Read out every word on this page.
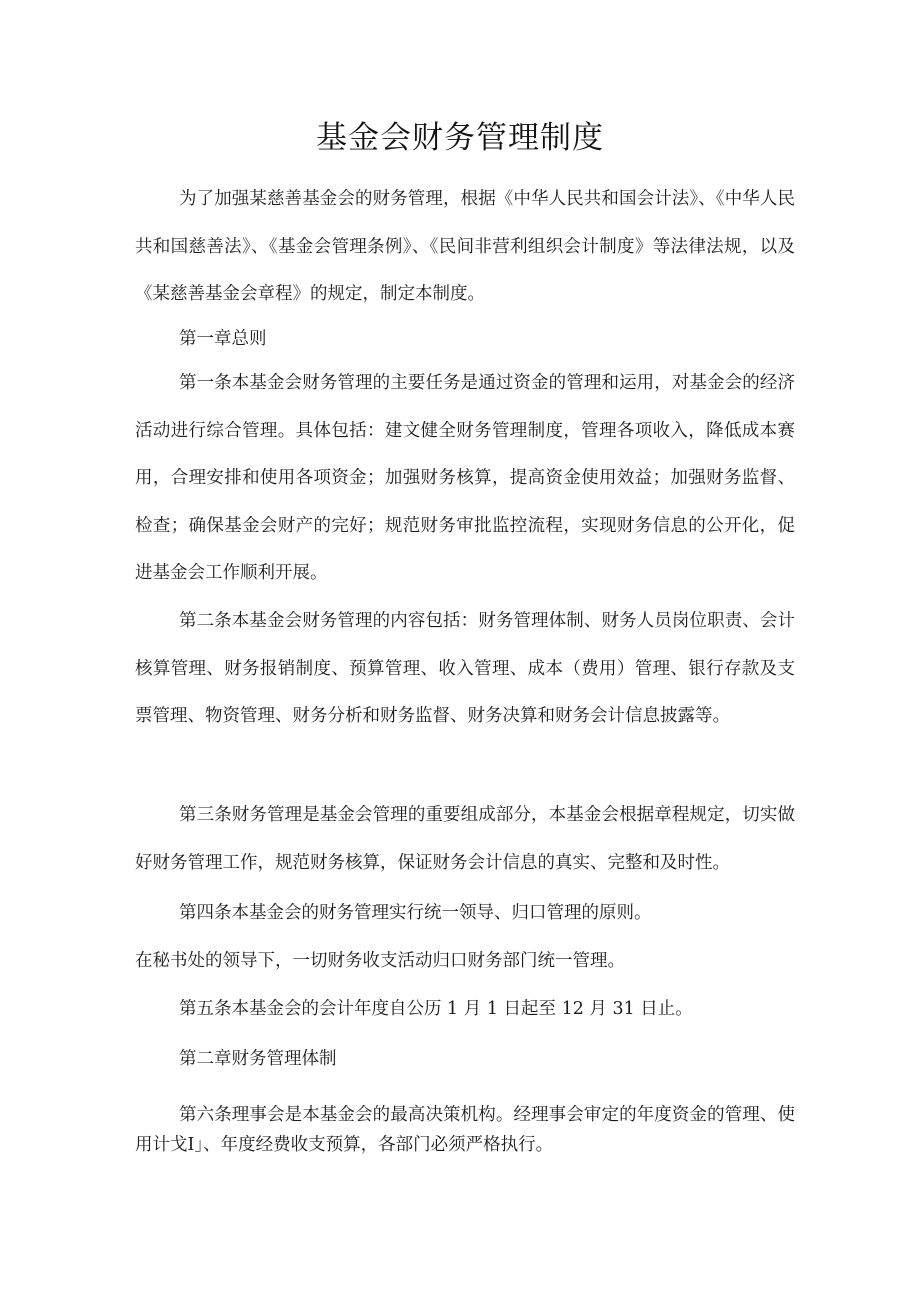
基金会财务管理制度

为了加强某慈善基金会的财务管理，根据《中华人民共和国会计法》、《中华人民共和国慈善法》、《基金会管理条例》、《民间非营利组织会计制度》等法律法规，以及《某慈善基金会章程》的规定，制定本制度。

第一章总则

第一条本基金会财务管理的主要任务是通过资金的管理和运用，对基金会的经济活动进行综合管理。具体包括：建文健全财务管理制度，管理各项收入，降低成本赛用，合理安排和使用各项资金；加强财务核算，提高资金使用效益；加强财务监督、检查；确保基金会财产的完好；规范财务审批监控流程，实现财务信息的公开化，促进基金会工作顺利开展。

第二条本基金会财务管理的内容包括：财务管理体制、财务人员岗位职责、会计核算管理、财务报销制度、预算管理、收入管理、成本（费用）管理、银行存款及支票管理、物资管理、财务分析和财务监督、财务决算和财务会计信息披露等。

第三条财务管理是基金会管理的重要组成部分，本基金会根据章程规定，切实做好财务管理工作，规范财务核算，保证财务会计信息的真实、完整和及时性。

第四条本基金会的财务管理实行统一领导、归口管理的原则。

在秘书处的领导下，一切财务收支活动归口财务部门统一管理。

第五条本基金会的会计年度自公历 1 月 1 日起至 12 月 31 日止。

第二章财务管理体制

第六条理事会是本基金会的最高决策机构。经理事会审定的年度资金的管理、使用计戈I」、年度经费收支预算，各部门必须严格执行。
